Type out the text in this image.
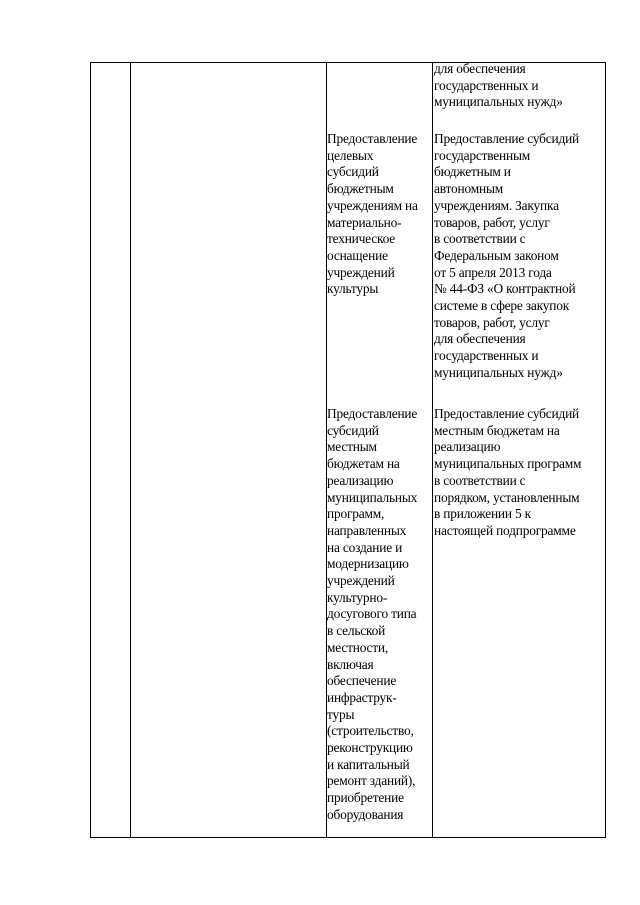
для обеспечения
государственных и
муниципальных нужд»
Предоставление
целевых
субсидий
бюджетным
учреждениям на
материально-
техническое
оснащение
учреждений
культуры
Предоставление субсидий
государственным
бюджетным и
автономным
учреждениям. Закупка
товаров, работ, услуг
в соответствии с
Федеральным законом
от 5 апреля 2013 года
№ 44-ФЗ «О контрактной
системе в сфере закупок
товаров, работ, услуг
для обеспечения
государственных и
муниципальных нужд»
Предоставление
субсидий
местным
бюджетам на
реализацию
муниципальных
программ,
направленных
на создание и
модернизацию
учреждений
культурно-
досугового типа
в сельской
местности,
включая
обеспечение
инфраструк-
туры
(строительство,
реконструкцию
и капитальный
ремонт зданий),
приобретение
оборудования
Предоставление субсидий
местным бюджетам на
реализацию
муниципальных программ
в соответствии с
порядком, установленным
в приложении 5 к
настоящей подпрограмме
